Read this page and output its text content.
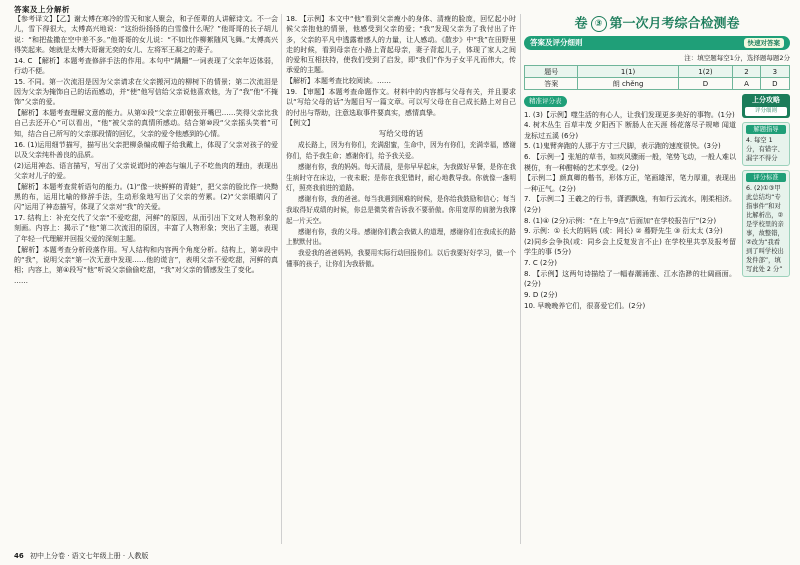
答案及上分解析

【参考译文】【乙】谢太傅在寒冷的雪天和家人聚会，和子侄辈的人讲解诗文。不一会儿，雪下得很大，太傅高兴地说：“这纷纷扬扬的白雪像什么呢？”他哥哥的长子胡儿说：“和把盐撒在空中差不多。”他哥哥的女儿说：“不如比作柳絮随风飞舞。”太傅高兴得笑起来。她就是太傅大哥谢无奕的女儿、左将军王凝之的妻子。

14. C 【解析】本题考查修辞手法的作用。本句中“蹒跚”一词表现了父亲年迈体弱，行动不便。

15. 不同。第一次流泪是因为父亲请求在父亲搬河边的柳树下的情景；第二次流泪是因为父亲为掩饰自己的话而感动，并“使”他写信给父亲说他喜欢他，为了“我”他“不掩饰”父亲的爱。

【解析】本题考查理解文意的能力。从第①段“父亲立即朝张开嘴巴……笑得父亲比我自己去还开心”可以看出，“他”被父亲的真情所感动。结合第⑩段“父亲摇头笑着”可知，结合自己所写的父亲那段情的回忆，父亲的爱令他感到的心情。

16. (1)运用细节描写，描写出父亲把柳条编成帽子给我戴上，体现了父亲对孩子的爱以及父亲纯朴善良的品质。

(2)运用神态、语言描写，写出了父亲说谎时的神态与编儿子不吃鱼肉的理由，表现出父亲对儿子的爱。

【解析】本题考查赏析语句的能力。(1)“像一块鲜鲜的青蛙”，把父亲的脸比作一块黝黑的布，运用比喻的修辞手法，生动形象地写出了父亲的劳累。(2)“父亲眼睛闪了闪”运用了神态描写，体现了父亲对“我”的关爱。

17. 结构上：补充交代了父亲“不爱吃甜，河鲜”的原因，从而引出下文对人物形象的刻画。内容上：揭示了“他”第二次流泪的原因，丰富了人物形象；突出了主题，表现了年轻一代理解并回报父爱的深刻主题。

【解析】本题考查分析段落作用。写人结构和内容两个角度分析。结构上，第②段中的“我”，说明父亲“第一次无意中发现……他的谎言”，表明父亲不爱吃甜，河鲜的真相；内容上，第④段写“他”听说父亲偷偷吃甜，“我”对父亲的情感发生了变化。

……

18. 【示例】本文中“他”看到父亲瘦小的身体、清瘦的脸庞，回忆起小时候父亲抱他的情景，他感受到父亲的爱；“我”发现父亲为了我付出了许多，父亲的平凡中透露着感人的力量，让人感动。《散步》中“我”在田野里走的时候，看到母亲在小路上背起母亲，妻子背起儿子，体现了家人之间的爱和互相扶持，使我们受到了启发，即“我们”作为子女平凡而伟大，传承爱的主题。

【解析】本题考查比较阅读。……

19. 【审题】本题考查命题作文。材料中的内容都与父母有关，并且要求以“写给父母的话”为题目写一篇文章。可以写父母在自己成长路上对自己的付出与帮助，注意选取事件要真实，感情真挚。

【例文】

写给父母的话

成长路上，因为有你们，充满甜蜜，生命中，因为有你们，充满幸福，感谢你们，给予我生命；感谢你们，给予我关爱。

感谢有你，我的妈妈。每天清晨，是你早早起床，为我做好早餐，是你在我生病时守在床边，一夜未眠；是你在我犯错时，耐心地教导我。你就像一盏明灯，照亮我前进的道路。

感谢有你，我的爸爸。每当我遇到困难的时候，是你给我鼓励和信心；每当我取得好成绩的时候，你总是微笑着告诉我不要骄傲。你用宽厚的肩膀为我撑起一片天空。

感谢有你，我的父母。感谢你们教会我做人的道理，感谢你们在我成长的路上默默付出。

我爱我的爸爸妈妈，我要用实际行动回报你们。以后我要好好学习，做一个懂事的孩子，让你们为我骄傲。

卷 ③ 第一次月考综合检测卷
答案及评分细则	快速对答案
注：填空题每空1分，选择题每题2分
题号	1(1)	1(2)	2	3
答案	朗 chěng	D	A	D
精准评分表

1. (3)【示例】噬生活的有心人，让我们发现更多美好的事物。(1分)

4. 树木丛生 百草丰茂 夕阳西下 断肠人在天涯 杨花落尽子规啼 闻道龙标过五溪 (6分)

5. (1)鬼臂奔跑的人那于方寸三尺脚，表示跑的速度很快。(3分)

6. 【示例一】张旭的草书，如疾风骤雨一般，笔势飞动，一般人难以模仿，有一种酣畅的艺术享受。(2分)

【示例二】颜真卿的楷书，形体方正，笔画雄浑，笔力厚重，表现出一种正气。(2分)

7. 【示例二】王羲之的行书，潇洒飘逸，有如行云流水，刚柔相济。(2分)

8. (1)④ (2分)示例：“在上午9点”后面加“在学校报告厅”(2分)

9. 示例：① 长大的妈妈 (或：网长) ② 蓦野先生 ③ 衍太太 (3分)

(2)同乡会争执(或：同乡会上反复发言不止) 在学校里共享及报考留学生的事 (5分)

7. C (2分)

8. 【示例】这两句诗描绘了一幅春潮涌涨、江水浩渺的壮阔画面。(2分)

9. D (2分)

10. 早晚晚养它们，很喜爱它们。(2分)

上分攻略
评分细则
解题指导
4. 每空 1 分，有错字、漏字不得分
评分标准
6. (2)①③甲此总结均“专指事件”和对比解析出，②是学校里的亲事，故整错，②改为“我看到了叫学校出发件部”，填写此处 2 分”
46 初中上分卷 · 语文七年级上册 · 人教版
